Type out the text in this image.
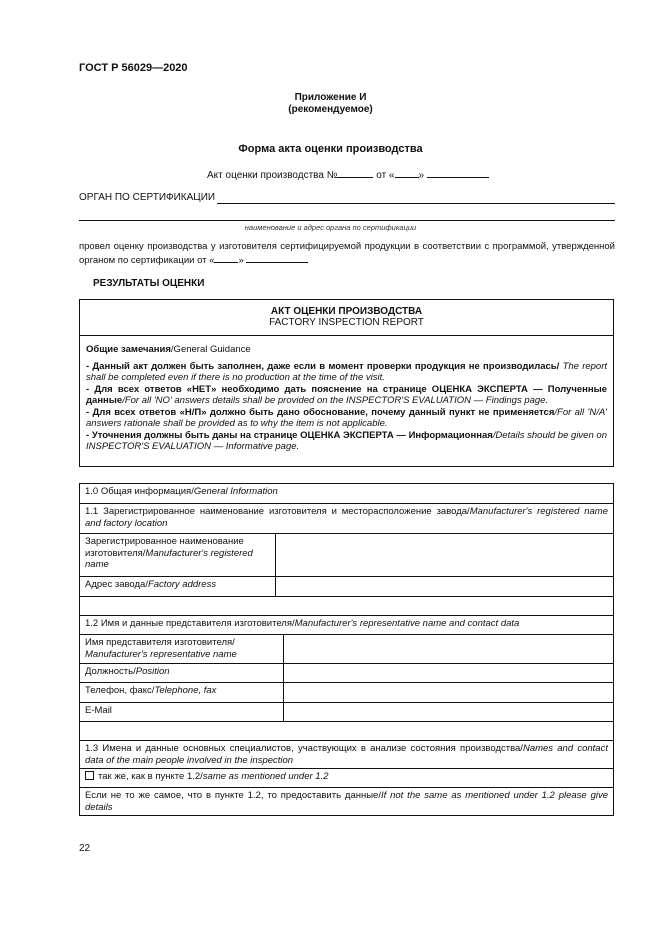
ГОСТ Р 56029—2020
Приложение И
(рекомендуемое)
Форма акта оценки производства
Акт оценки производства №	от « »
ОРГАН ПО СЕРТИФИКАЦИИ
наименование и адрес органа по сертификации
провел оценку производства у изготовителя сертифицируемой продукции в соответствии с программой, утвержденной органом по сертификации от «	»
РЕЗУЛЬТАТЫ ОЦЕНКИ
АКТ ОЦЕНКИ ПРОИЗВОДСТВА
FACTORY INSPECTION REPORT

Общие замечания/General Guidance

- Данный акт должен быть заполнен, даже если в момент проверки продукция не производилась/ The report shall be completed even if there is no production at the time of the visit.

- Для всех ответов «НЕТ» необходимо дать пояснение на странице ОЦЕНКА ЭКСПЕРТА — Полученные данные/For all 'NO' answers details shall be provided on the INSPECTOR'S EVALUATION — Findings page.

- Для всех ответов «Н/П» должно быть дано обоснование, почему данный пункт не применяется/For all 'N/A' answers rationale shall be provided as to why the item is not applicable.

- Уточнения должны быть даны на странице ОЦЕНКА ЭКСПЕРТА — Информационная/Details should be given on INSPECTOR'S EVALUATION — Informative page.

1.0 Общая информация/General Information		
1.1 Зарегистрированное наименование изготовителя и месторасположение завода/Manufacturer's registered name and factory location		
Зарегистрированное наименование изготовителя/Manufacturer's registered name		
Адрес завода/Factory address		

1.2 Имя и данные представителя изготовителя/Manufacturer's representative name and contact data		
Имя представителя изготовителя/
Manufacturer's representative name		
Должность/Position		
Телефон, факс/Telephone, fax		
E-Mail		

1.3 Имена и данные основных специалистов, участвующих в анализе состояния производства/Names and contact data of the main people involved in the inspection		
так же, как в пункте 1.2/same as mentioned under 1.2		
Если не то же самое, что в пункте 1.2, то предоставить данные/If not the same as mentioned under 1.2 please give details		
22
